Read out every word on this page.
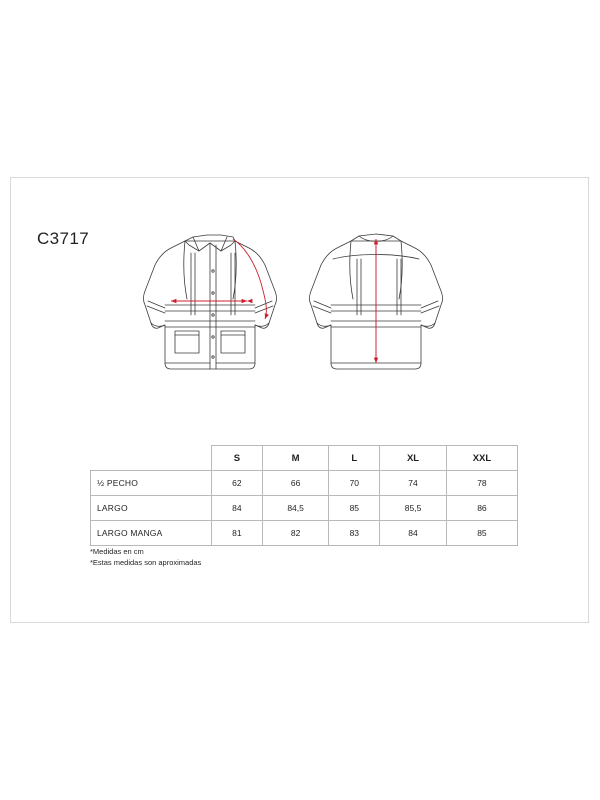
C3717
	S	M	L	XL	XXL
½ PECHO	62	66	70	74	78
LARGO	84	84,5	85	85,5	86
LARGO MANGA	81	82	83	84	85
*Medidas en cm
*Estas medidas son aproximadas
